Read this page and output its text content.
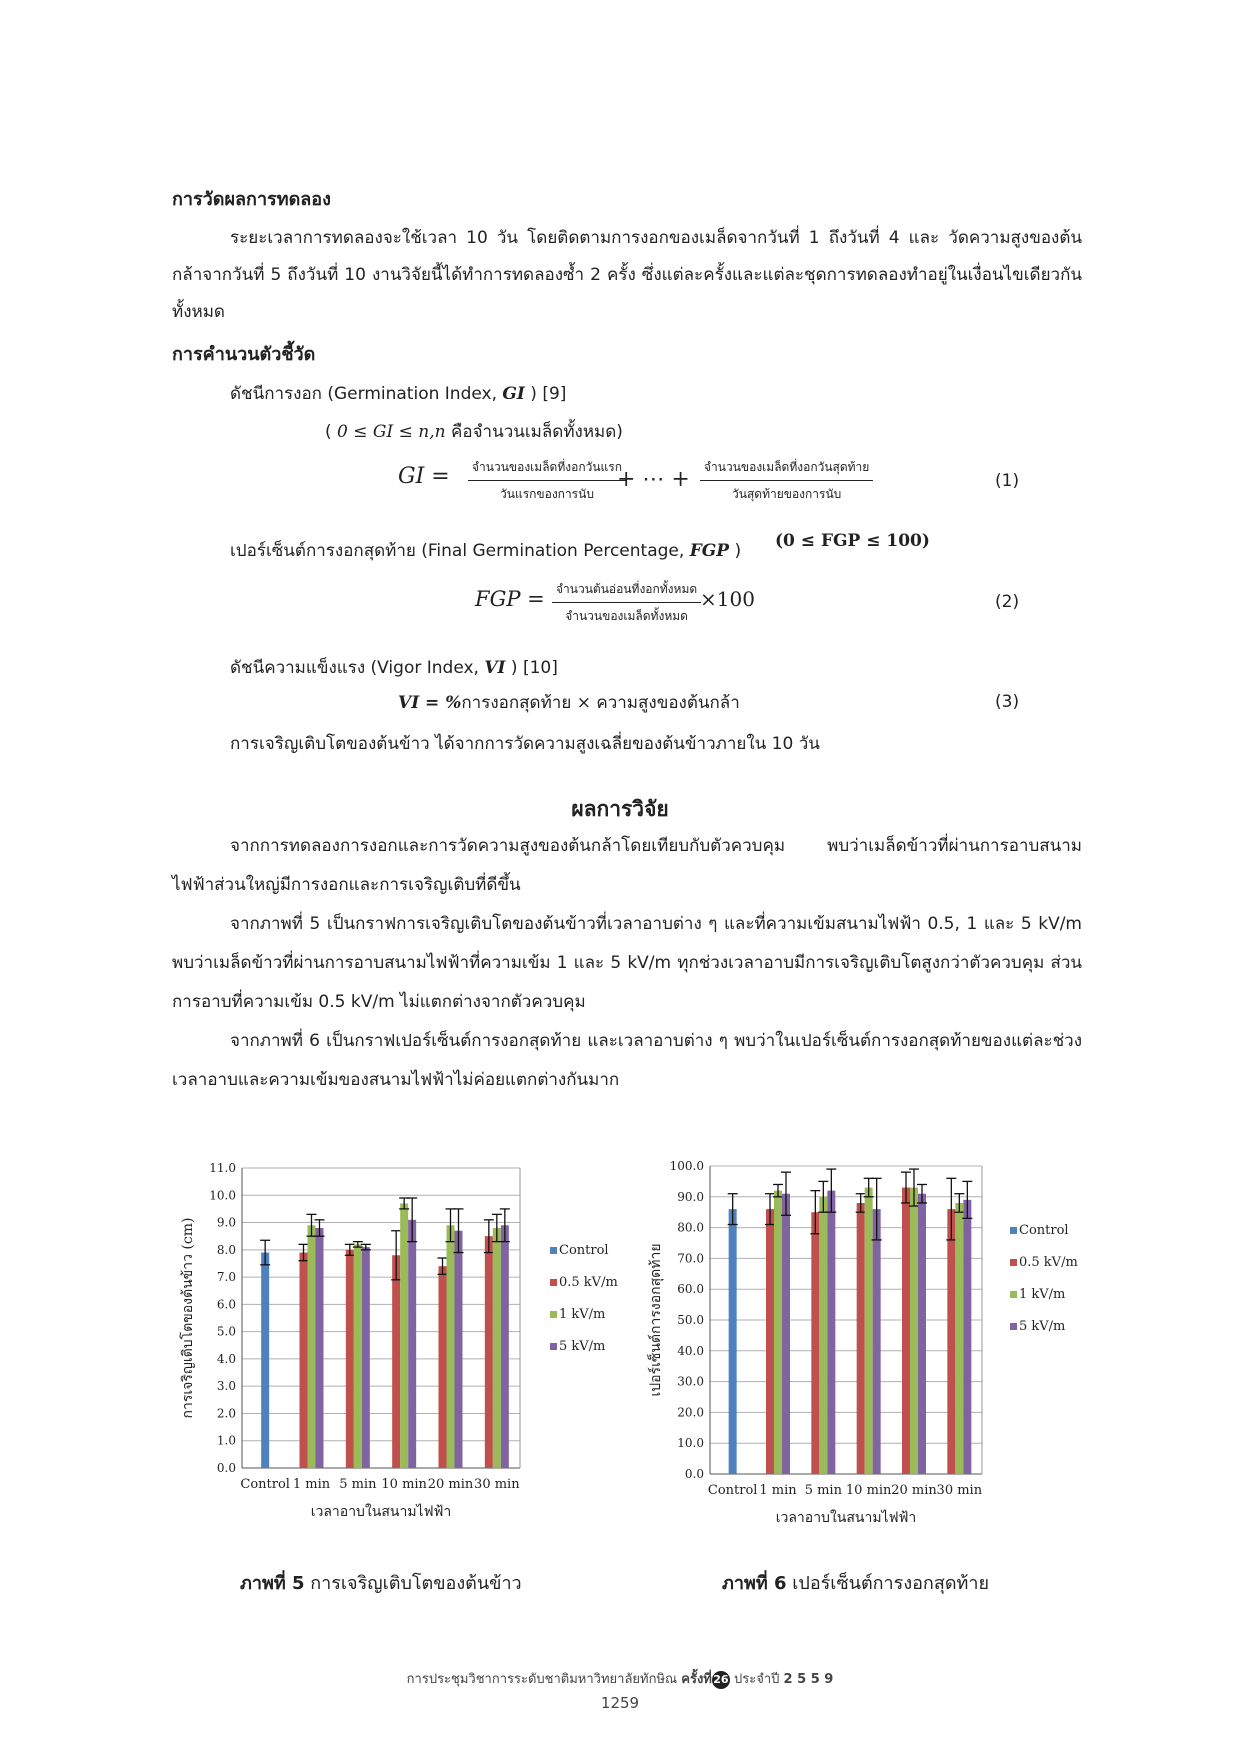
การวัดผลการทดลอง
ระยะเวลาการทดลองจะใช้เวลา 10 วัน โดยติดตามการงอกของเมล็ดจากวันที่ 1 ถึงวันที่ 4 และ วัดความสูงของต้นกล้าจากวันที่ 5 ถึงวันที่ 10 งานวิจัยนี้ได้ทำการทดลองซ้ำ 2 ครั้ง ซึ่งแต่ละครั้งและแต่ละชุดการทดลองทำอยู่ในเงื่อนไขเดียวกันทั้งหมด
การคำนวนตัวชี้วัด
ดัชนีการงอก (Germination Index, GI ) [9]
( 0 ≤ GI ≤ n,n คือจำนวนเมล็ดทั้งหมด)
GI =	จำนวนของเมล็ดที่งอกวันแรก
วันแรกของการนับ
+ ⋯ +	จำนวนของเมล็ดที่งอกวันสุดท้าย
วันสุดท้ายของการนับ
(1)
เปอร์เซ็นต์การงอกสุดท้าย (Final Germination Percentage, FGP ) (0 ≤ FGP ≤ 100)
FGP = จำนวนต้นอ่อนที่งอกทั้งหมด
จำนวนของเมล็ดทั้งหมด
×100	(2)
ดัชนีความแข็งแรง (Vigor Index, VI ) [10]
VI = %การงอกสุดท้าย × ความสูงของต้นกล้า	(3)
การเจริญเติบโตของต้นข้าว ได้จากการวัดความสูงเฉลี่ยของต้นข้าวภายใน 10 วัน
ผลการวิจัย
จากการทดลองการงอกและการวัดความสูงของต้นกล้าโดยเทียบกับตัวควบคุม พบว่าเมล็ดข้าวที่ผ่านการอาบสนามไฟฟ้าส่วนใหญ่มีการงอกและการเจริญเติบที่ดีขึ้น
จากภาพที่ 5 เป็นกราฟการเจริญเติบโตของต้นข้าวที่เวลาอาบต่าง ๆ และที่ความเข้มสนามไฟฟ้า 0.5, 1 และ 5 kV/m พบว่าเมล็ดข้าวที่ผ่านการอาบสนามไฟฟ้าที่ความเข้ม 1 และ 5 kV/m ทุกช่วงเวลาอาบมีการเจริญเติบโตสูงกว่าตัวควบคุม ส่วนการอาบที่ความเข้ม 0.5 kV/m ไม่แตกต่างจากตัวควบคุม
จากภาพที่ 6 เป็นกราฟเปอร์เซ็นต์การงอกสุดท้าย และเวลาอาบต่าง ๆ พบว่าในเปอร์เซ็นต์การงอกสุดท้ายของแต่ละช่วงเวลาอาบและความเข้มของสนามไฟฟ้าไม่ค่อยแตกต่างกันมาก
0.0
1.0
2.0
3.0
4.0
5.0
6.0
7.0
8.0
9.0
10.0
11.0
Control 1 min 5 min 10 min 20 min 30 min
Control
0.5 kV/m
1 kV/m
5 kV/m
เวลาอาบในสนามไฟฟ้า
การเจริญเติบโตของต้นข้าว (cm)
ภาพที่ 5 การเจริญเติบโตของต้นข้าว
0.0
10.0
20.0
30.0
40.0
50.0
60.0
70.0
80.0
90.0
100.0
Control 1 min 5 min 10 min 20 min 30 min
Control
0.5 kV/m
1 kV/m
5 kV/m
เวลาอาบในสนามไฟฟ้า
เปอร์เซ็นต์การงอกสุดท้าย
ภาพที่ 6 เปอร์เซ็นต์การงอกสุดท้าย
การประชุมวิชาการระดับชาติมหาวิทยาลัยทักษิณ ครั้งที่26 ประจำปี 2 5 5 9
1259
